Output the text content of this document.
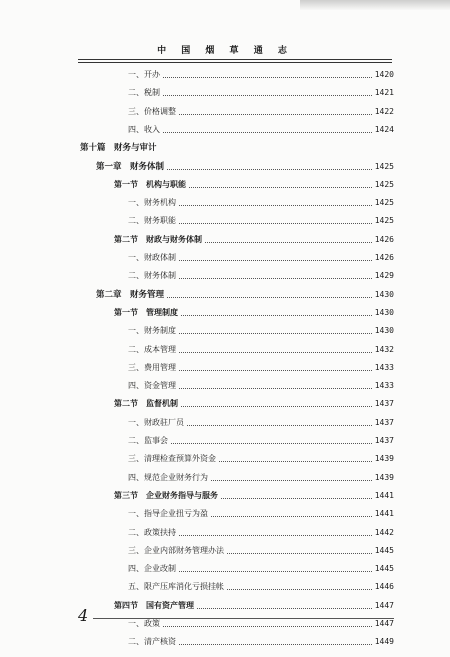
中 国 烟 草 通 志
一、开办	1420
二、税制	1421
三、价格调整	1422
四、收入	1424
第十篇　财务与审计
第一章　财务体制	1425
第一节　机构与职能	1425
一、财务机构	1425
二、财务职能	1425
第二节　财政与财务体制	1426
一、财政体制	1426
二、财务体制	1429
第二章　财务管理	1430
第一节　管理制度	1430
一、财务制度	1430
二、成本管理	1432
三、费用管理	1433
四、资金管理	1433
第二节　监督机制	1437
一、财政驻厂员	1437
二、监事会	1437
三、清理检查预算外资金	1439
四、规范企业财务行为	1439
第三节　企业财务指导与服务	1441
一、指导企业扭亏为盈	1441
二、政策扶持	1442
三、企业内部财务管理办法	1445
四、企业改制	1445
五、限产压库消化亏损挂帐	1446
第四节　国有资产管理	1447
一、政策	1447
二、清产核资	1449
4
